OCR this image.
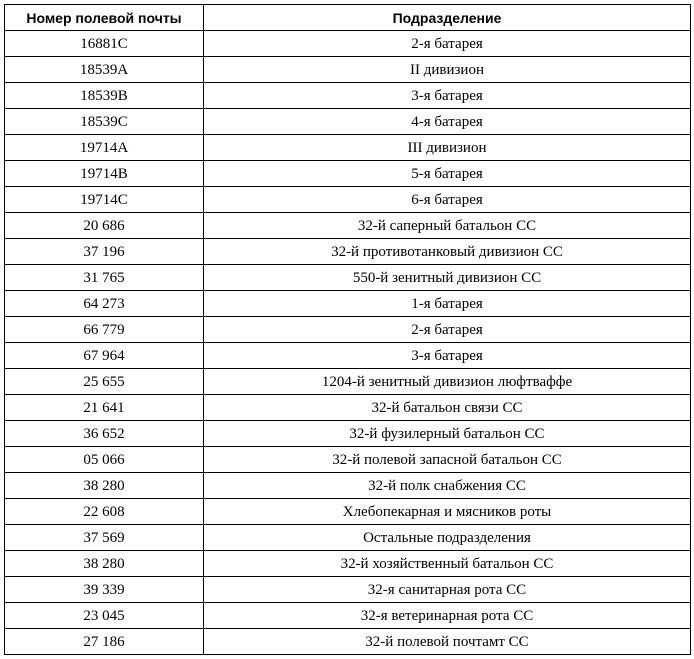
Номер полевой почты	Подразделение
16881C	2-я батарея
18539A	II дивизион
18539B	3-я батарея
18539C	4-я батарея
19714A	III дивизион
19714B	5-я батарея
19714C	6-я батарея
20 686	32-й саперный батальон СС
37 196	32-й противотанковый дивизион СС
31 765	550-й зенитный дивизион СС
64 273	1-я батарея
66 779	2-я батарея
67 964	3-я батарея
25 655	1204-й зенитный дивизион люфтваффе
21 641	32-й батальон связи СС
36 652	32-й фузилерный батальон СС
05 066	32-й полевой запасной батальон СС
38 280	32-й полк снабжения СС
22 608	Хлебопекарная и мясников роты
37 569	Остальные подразделения
38 280	32-й хозяйственный батальон СС
39 339	32-я санитарная рота СС
23 045	32-я ветеринарная рота СС
27 186	32-й полевой почтамт СС
